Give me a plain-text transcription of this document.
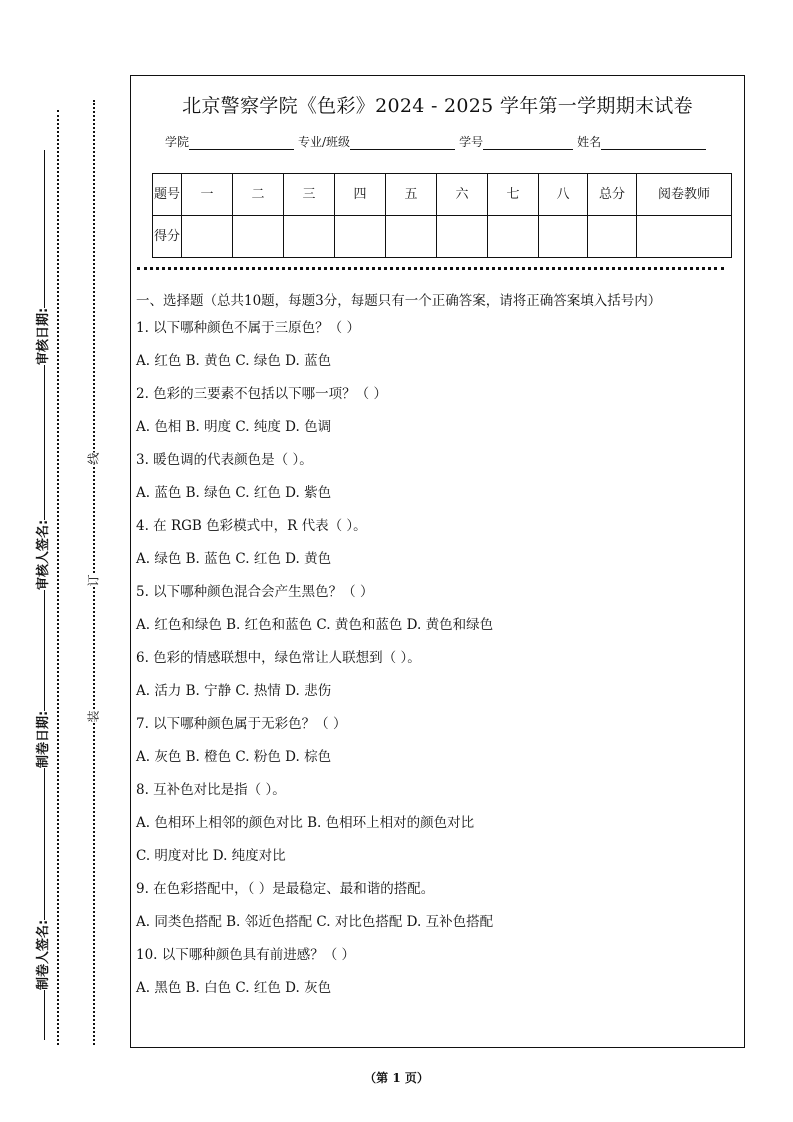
审核日期:
审核人签名:
制卷日期:
制卷人签名:
线
订
装
北京警察学院《色彩》2024 - 2025 学年第一学期期末试卷
学院	专业/班级	学号	姓名
题号	一	二	三	四	五	六	七	八	总分	阅卷教师
得分										
一、选择题（总共10题，每题3分，每题只有一个正确答案，请将正确答案填入括号内）
1. 以下哪种颜色不属于三原色？（ ）
A. 红色 B. 黄色 C. 绿色 D. 蓝色
2. 色彩的三要素不包括以下哪一项？（ ）
A. 色相 B. 明度 C. 纯度 D. 色调
3. 暖色调的代表颜色是（ ）。
A. 蓝色 B. 绿色 C. 红色 D. 紫色
4. 在 RGB 色彩模式中，R 代表（ ）。
A. 绿色 B. 蓝色 C. 红色 D. 黄色
5. 以下哪种颜色混合会产生黑色？（ ）
A. 红色和绿色 B. 红色和蓝色 C. 黄色和蓝色 D. 黄色和绿色
6. 色彩的情感联想中，绿色常让人联想到（ ）。
A. 活力 B. 宁静 C. 热情 D. 悲伤
7. 以下哪种颜色属于无彩色？（ ）
A. 灰色 B. 橙色 C. 粉色 D. 棕色
8. 互补色对比是指（ ）。
A. 色相环上相邻的颜色对比 B. 色相环上相对的颜色对比
C. 明度对比 D. 纯度对比
9. 在色彩搭配中，（ ）是最稳定、最和谐的搭配。
A. 同类色搭配 B. 邻近色搭配 C. 对比色搭配 D. 互补色搭配
10. 以下哪种颜色具有前进感？（ ）
A. 黑色 B. 白色 C. 红色 D. 灰色
（第 1 页）
